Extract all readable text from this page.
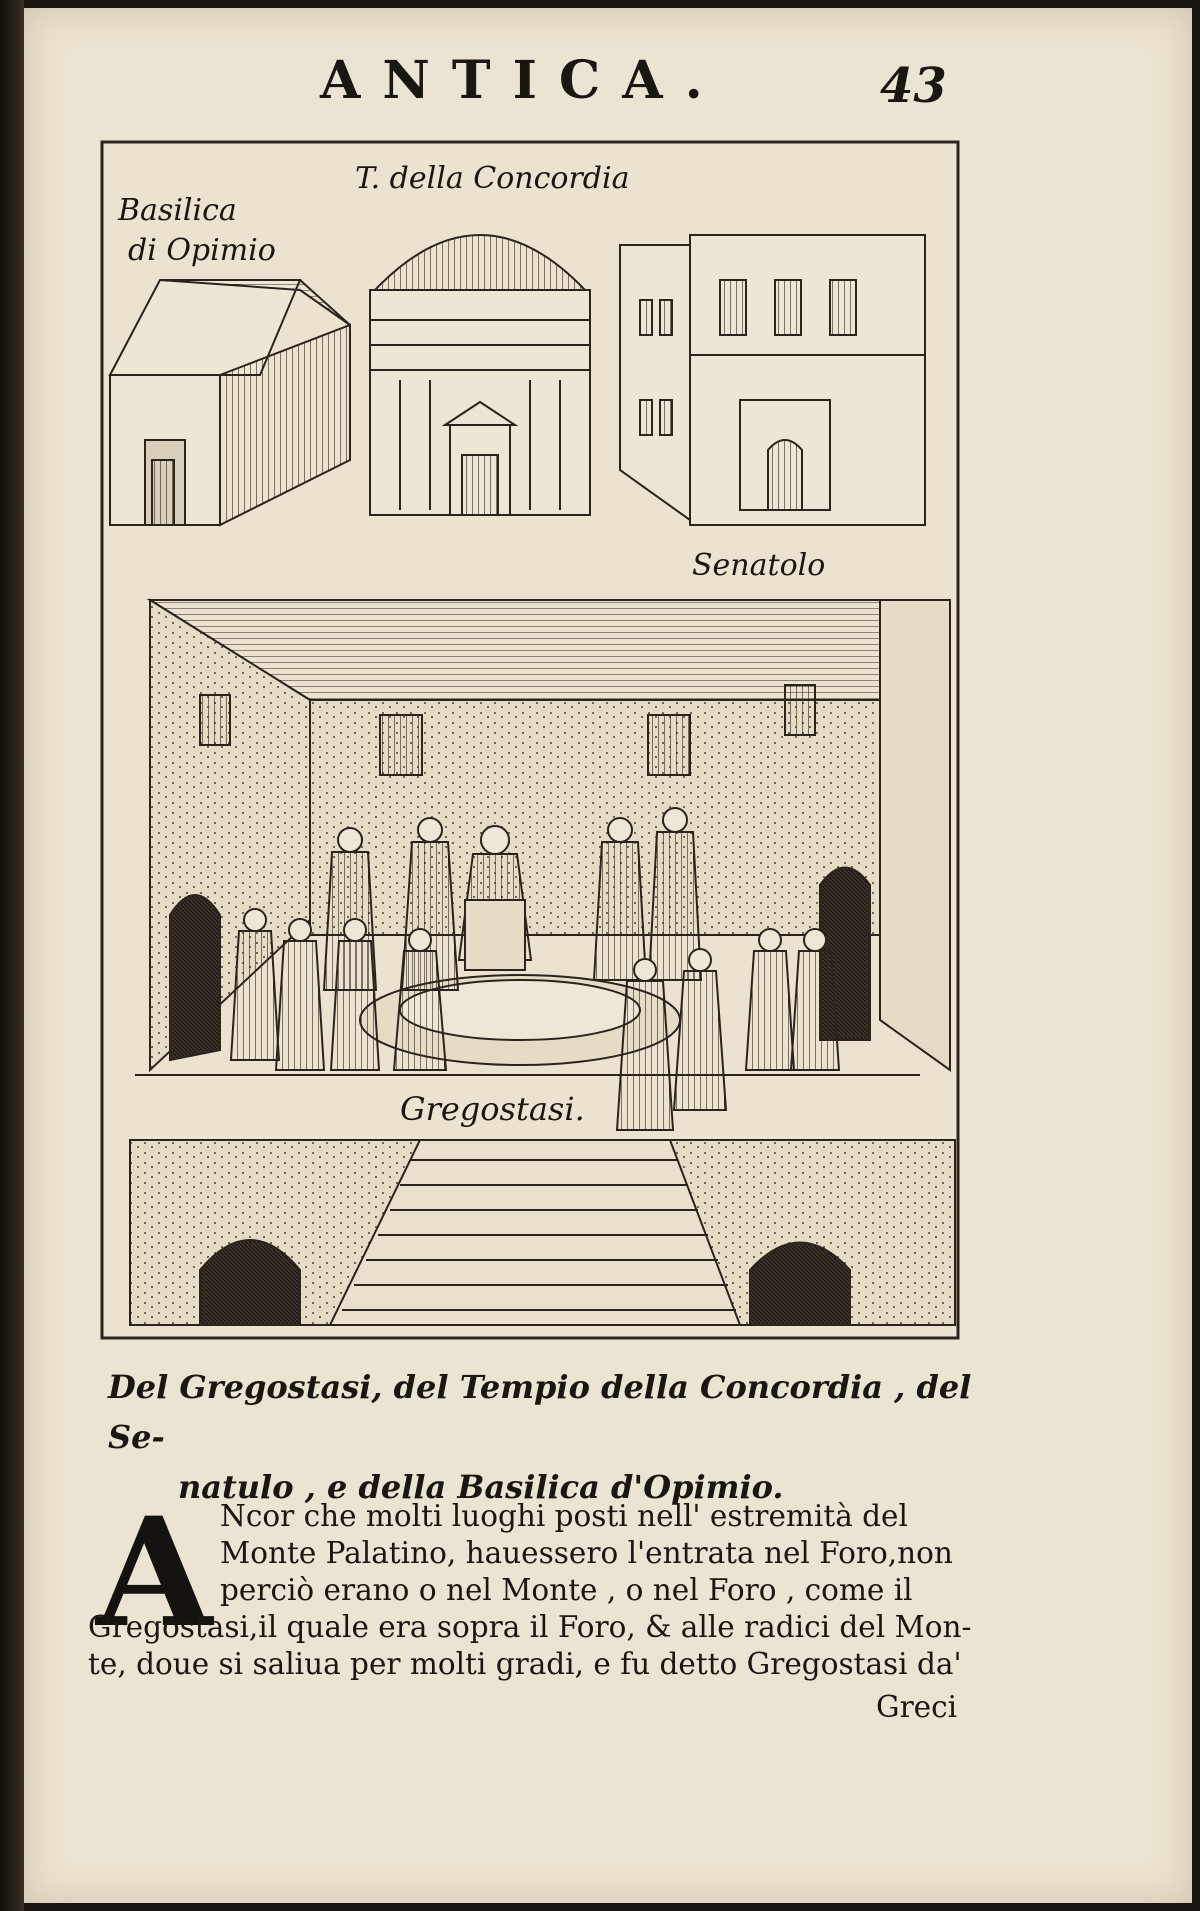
ANTICA.	43
Basilica
di Opimio
T. della Concordia
Senatolo
Gregostasi.
Del Gregostasi, del Tempio della Concordia , del Se-
natulo , e della Basilica d'Opimio.
A Ncor che molti luoghi posti nell' estremità del
Monte Palatino, hauessero l'entrata nel Foro,non
perciò erano o nel Monte , o nel Foro , come il
Gregostasi,il quale era sopra il Foro, & alle radici del Mon-
te, doue si saliua per molti gradi, e fu detto Gregostasi da'
Greci
